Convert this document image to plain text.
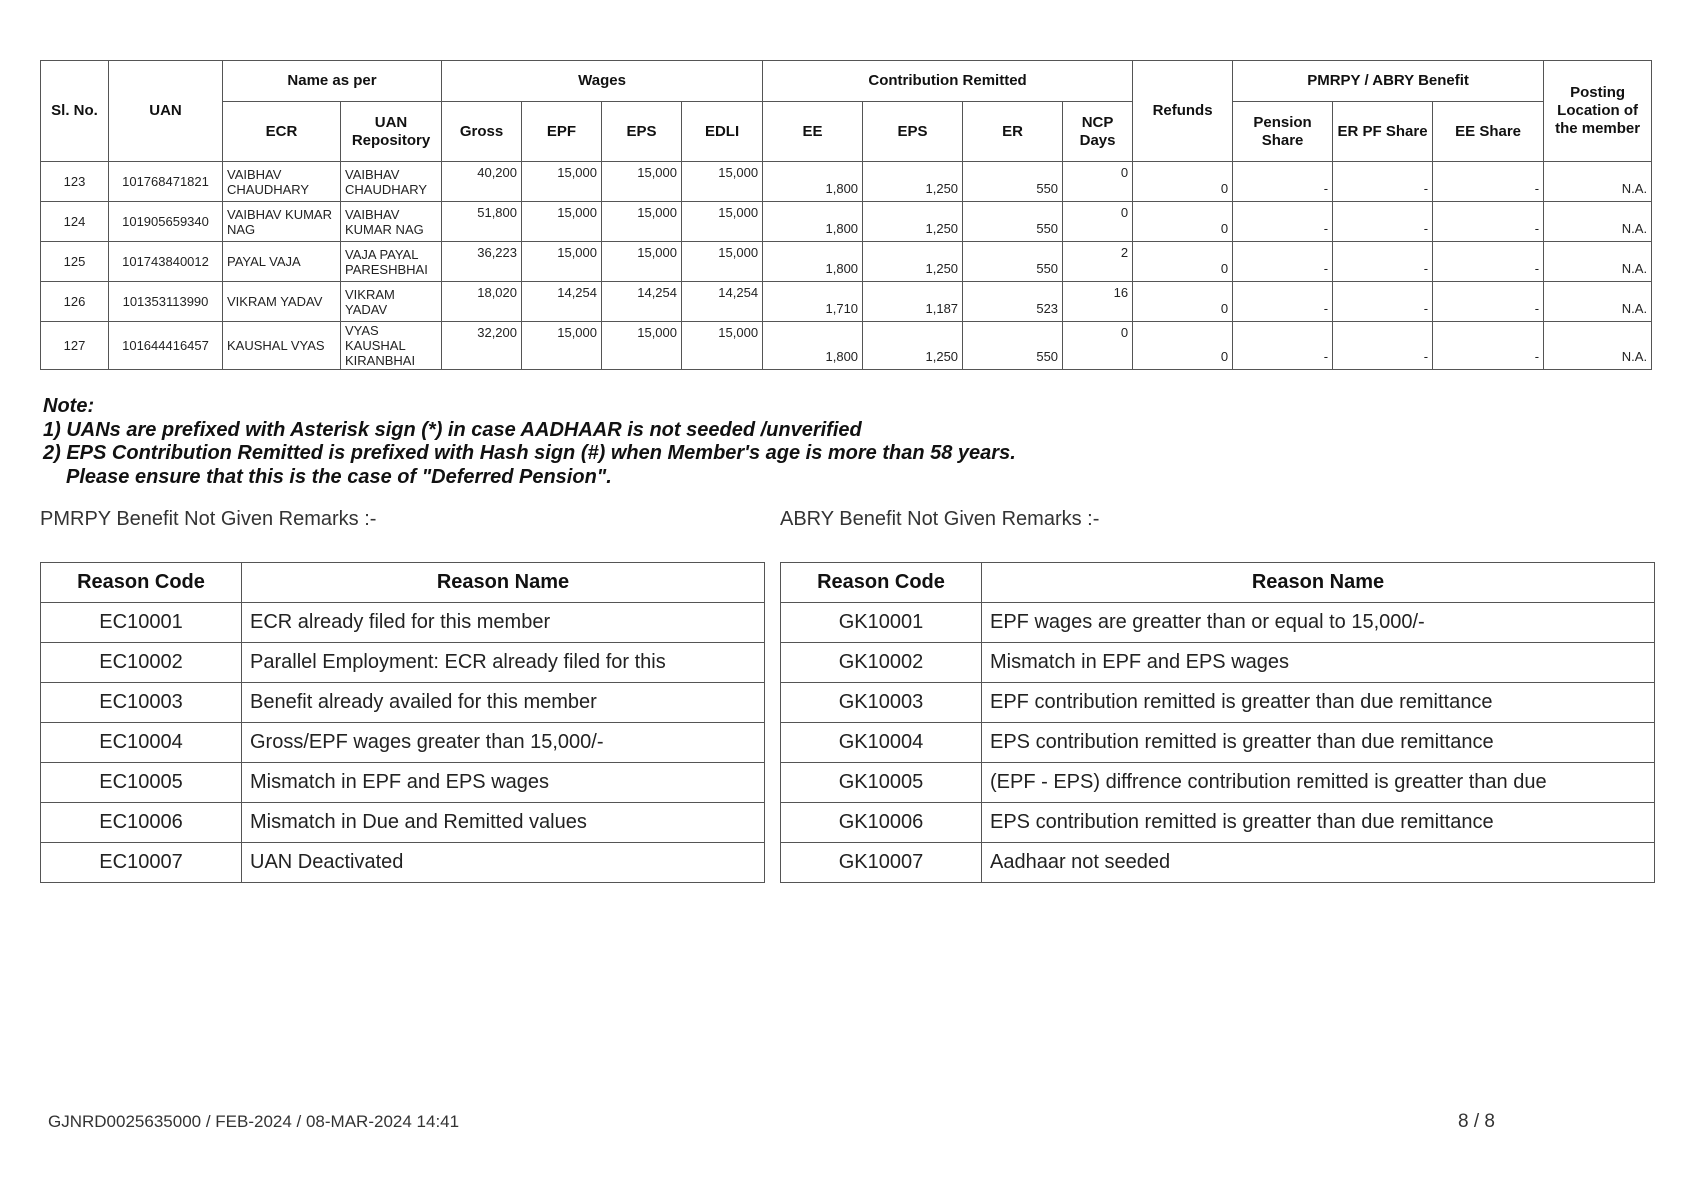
Sl. No.	UAN	Name as per		Wages				Contribution Remitted				Refunds	PMRPY / ABRY Benefit			Posting Location of the member
		ECR	UAN Repository	Gross	EPF	EPS	EDLI	EE	EPS	ER	NCP Days		Pension Share	ER PF Share	EE Share	
123	101768471821	VAIBHAV CHAUDHARY	VAIBHAV CHAUDHARY	40,200	15,000	15,000	15,000	1,800	1,250	550	0	0	-	-	-	N.A.
124	101905659340	VAIBHAV KUMAR NAG	VAIBHAV KUMAR NAG	51,800	15,000	15,000	15,000	1,800	1,250	550	0	0	-	-	-	N.A.
125	101743840012	PAYAL VAJA	VAJA PAYAL PARESHBHAI	36,223	15,000	15,000	15,000	1,800	1,250	550	2	0	-	-	-	N.A.
126	101353113990	VIKRAM YADAV	VIKRAM YADAV	18,020	14,254	14,254	14,254	1,710	1,187	523	16	0	-	-	-	N.A.
127	101644416457	KAUSHAL VYAS	VYAS KAUSHAL KIRANBHAI	32,200	15,000	15,000	15,000	1,800	1,250	550	0	0	-	-	-	N.A.
Note:
1) UANs are prefixed with Asterisk sign (*) in case AADHAAR is not seeded /unverified
2) EPS Contribution Remitted is prefixed with Hash sign (#) when Member's age is more than 58 years.
Please ensure that this is the case of "Deferred Pension".
PMRPY Benefit Not Given Remarks :-
Reason Code	Reason Name
EC10001	ECR already filed for this member
EC10002	Parallel Employment: ECR already filed for this
EC10003	Benefit already availed for this member
EC10004	Gross/EPF wages greater than 15,000/-
EC10005	Mismatch in EPF and EPS wages
EC10006	Mismatch in Due and Remitted values
EC10007	UAN Deactivated
ABRY Benefit Not Given Remarks :-
Reason Code	Reason Name
GK10001	EPF wages are greatter than or equal to 15,000/-
GK10002	Mismatch in EPF and EPS wages
GK10003	EPF contribution remitted is greatter than due remittance
GK10004	EPS contribution remitted is greatter than due remittance
GK10005	(EPF - EPS) diffrence contribution remitted is greatter than due
GK10006	EPS contribution remitted is greatter than due remittance
GK10007	Aadhaar not seeded
GJNRD0025635000 / FEB-2024 / 08-MAR-2024 14:41	8 / 8
